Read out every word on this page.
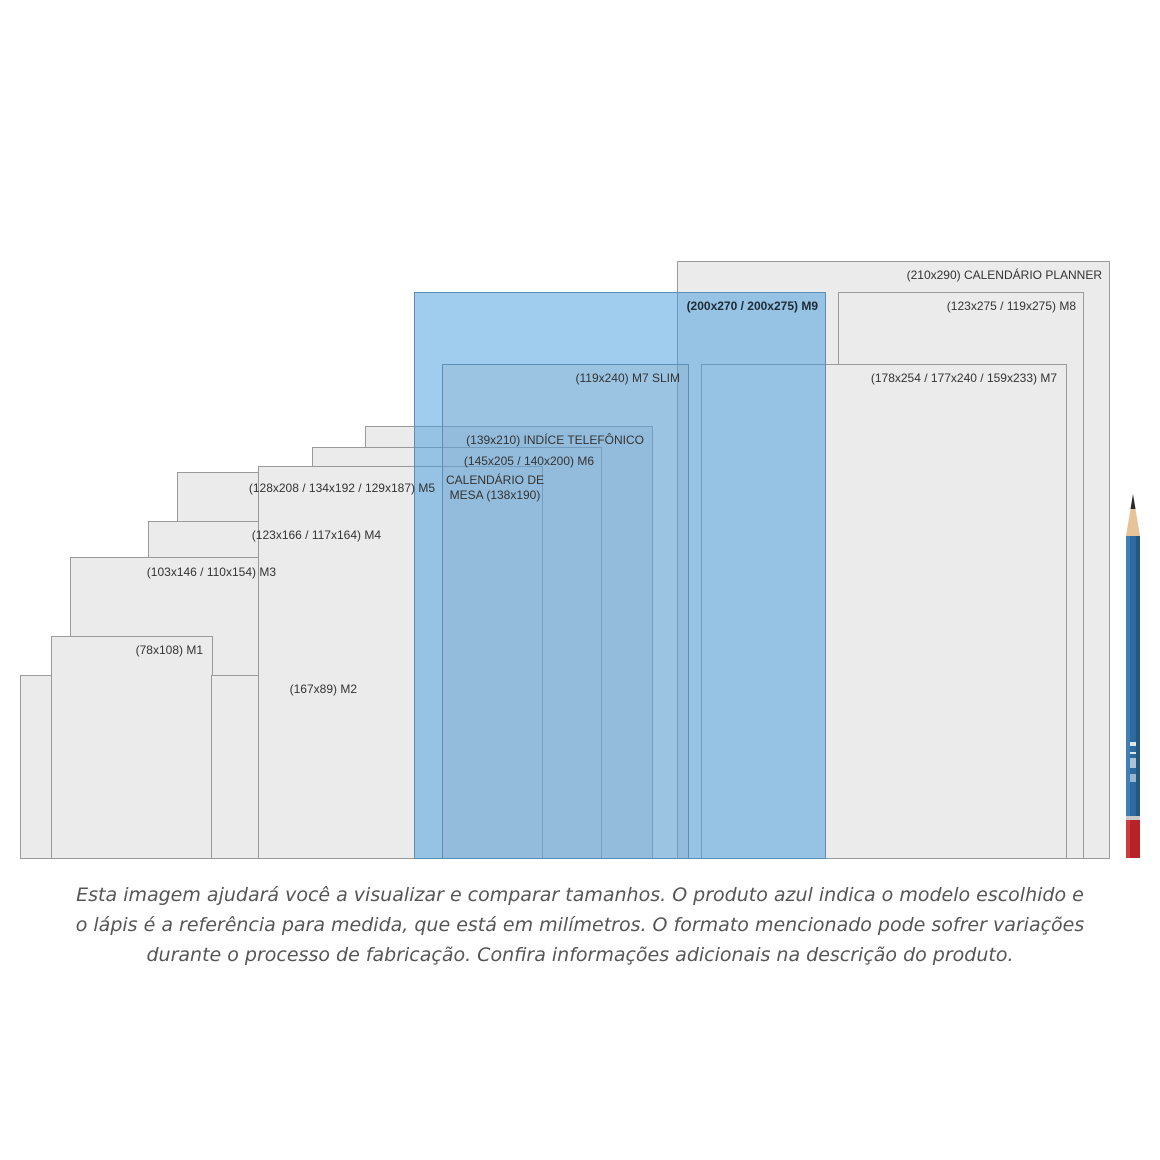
(210x290) CALENDÁRIO PLANNER
(200x270 / 200x275) M9	(123x275 / 119x275) M8
(119x240) M7 SLIM	(178x254 / 177x240 / 159x233) M7
(139x210) INDÍCE TELEFÔNICO
(145x205 / 140x200) M6
CALENDÁRIO DE MESA (138x190)
(128x208 / 134x192 / 129x187) M5
(123x166 / 117x164) M4
(103x146 / 110x154) M3
(78x108) M1
(167x89) M2
Esta imagem ajudará você a visualizar e comparar tamanhos. O produto azul indica o modelo escolhido e
o lápis é a referência para medida, que está em milímetros. O formato mencionado pode sofrer variações
durante o processo de fabricação. Confira informações adicionais na descrição do produto.
